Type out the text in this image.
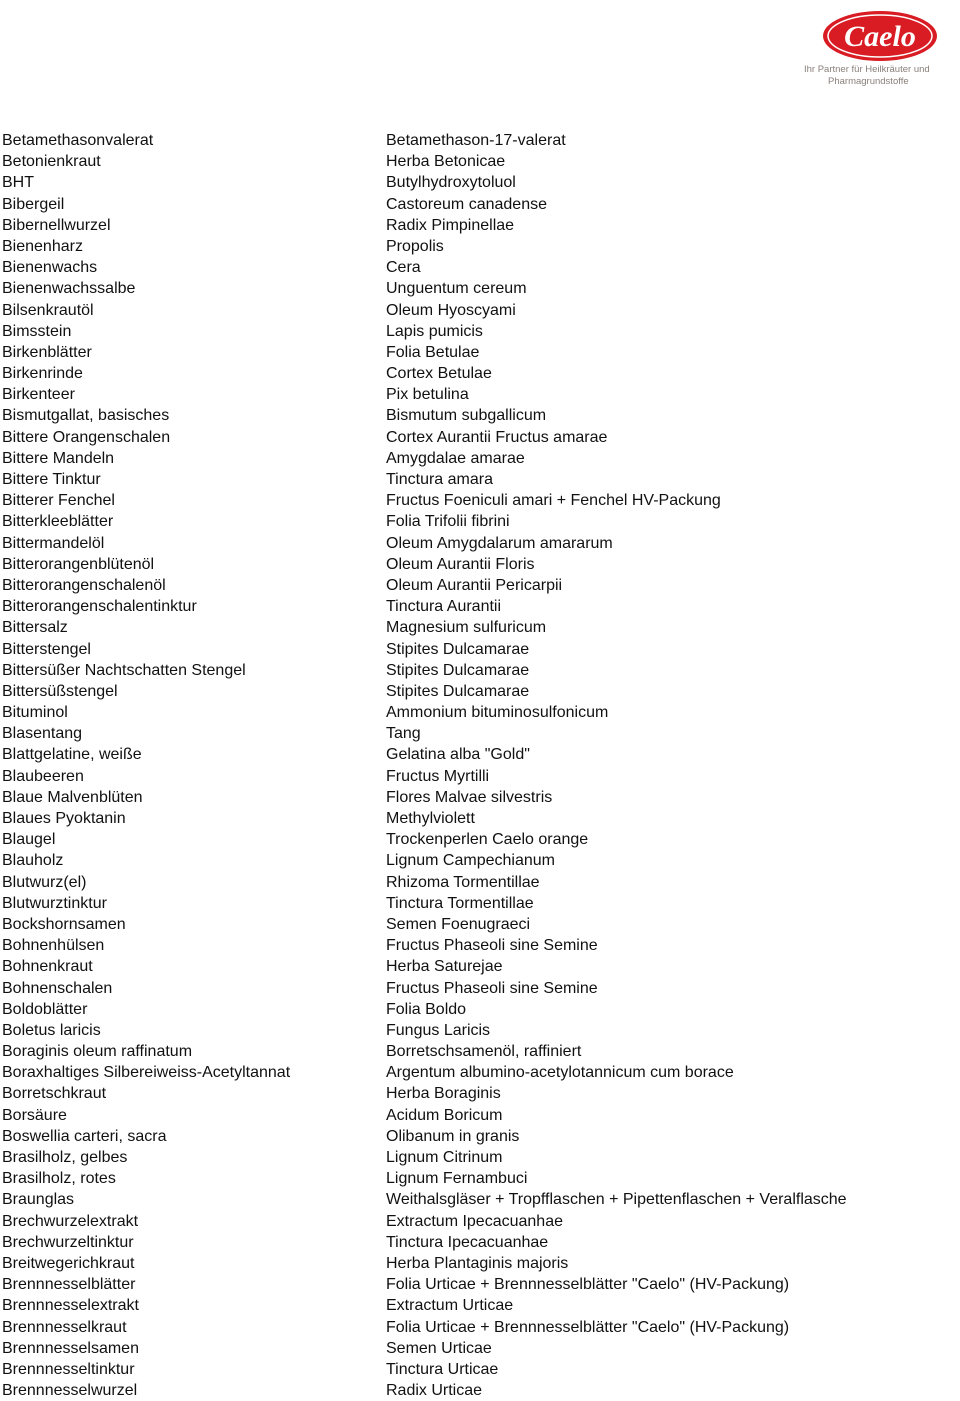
Caelo
Ihr Partner für Heilkräuter und
Pharmagrundstoffe
Betamethasonvalerat	Betamethason-17-valerat
Betonienkraut	Herba Betonicae
BHT	Butylhydroxytoluol
Bibergeil	Castoreum canadense
Bibernellwurzel	Radix Pimpinellae
Bienenharz	Propolis
Bienenwachs	Cera
Bienenwachssalbe	Unguentum cereum
Bilsenkrautöl	Oleum Hyoscyami
Bimsstein	Lapis pumicis
Birkenblätter	Folia Betulae
Birkenrinde	Cortex Betulae
Birkenteer	Pix betulina
Bismutgallat, basisches	Bismutum subgallicum
Bittere Orangenschalen	Cortex Aurantii Fructus amarae
Bittere Mandeln	Amygdalae amarae
Bittere Tinktur	Tinctura amara
Bitterer Fenchel	Fructus Foeniculi amari + Fenchel HV-Packung
Bitterkleeblätter	Folia Trifolii fibrini
Bittermandelöl	Oleum Amygdalarum amararum
Bitterorangenblütenöl	Oleum Aurantii Floris
Bitterorangenschalenöl	Oleum Aurantii Pericarpii
Bitterorangenschalentinktur	Tinctura Aurantii
Bittersalz	Magnesium sulfuricum
Bitterstengel	Stipites Dulcamarae
Bittersüßer Nachtschatten Stengel	Stipites Dulcamarae
Bittersüßstengel	Stipites Dulcamarae
Bituminol	Ammonium bituminosulfonicum
Blasentang	Tang
Blattgelatine, weiße	Gelatina alba "Gold"
Blaubeeren	Fructus Myrtilli
Blaue Malvenblüten	Flores Malvae silvestris
Blaues Pyoktanin	Methylviolett
Blaugel	Trockenperlen Caelo orange
Blauholz	Lignum Campechianum
Blutwurz(el)	Rhizoma Tormentillae
Blutwurztinktur	Tinctura Tormentillae
Bockshornsamen	Semen Foenugraeci
Bohnenhülsen	Fructus Phaseoli sine Semine
Bohnenkraut	Herba Saturejae
Bohnenschalen	Fructus Phaseoli sine Semine
Boldoblätter	Folia Boldo
Boletus laricis	Fungus Laricis
Boraginis oleum raffinatum	Borretschsamenöl, raffiniert
Boraxhaltiges Silbereiweiss-Acetyltannat	Argentum albumino-acetylotannicum cum borace
Borretschkraut	Herba Boraginis
Borsäure	Acidum Boricum
Boswellia carteri, sacra	Olibanum in granis
Brasilholz, gelbes	Lignum Citrinum
Brasilholz, rotes	Lignum Fernambuci
Braunglas	Weithalsgläser + Tropfflaschen + Pipettenflaschen + Veralflasche
Brechwurzelextrakt	Extractum Ipecacuanhae
Brechwurzeltinktur	Tinctura Ipecacuanhae
Breitwegerichkraut	Herba Plantaginis majoris
Brennnesselblätter	Folia Urticae + Brennnesselblätter "Caelo" (HV-Packung)
Brennnesselextrakt	Extractum Urticae
Brennnesselkraut	Folia Urticae + Brennnesselblätter "Caelo" (HV-Packung)
Brennnesselsamen	Semen Urticae
Brennnesseltinktur	Tinctura Urticae
Brennnesselwurzel	Radix Urticae
